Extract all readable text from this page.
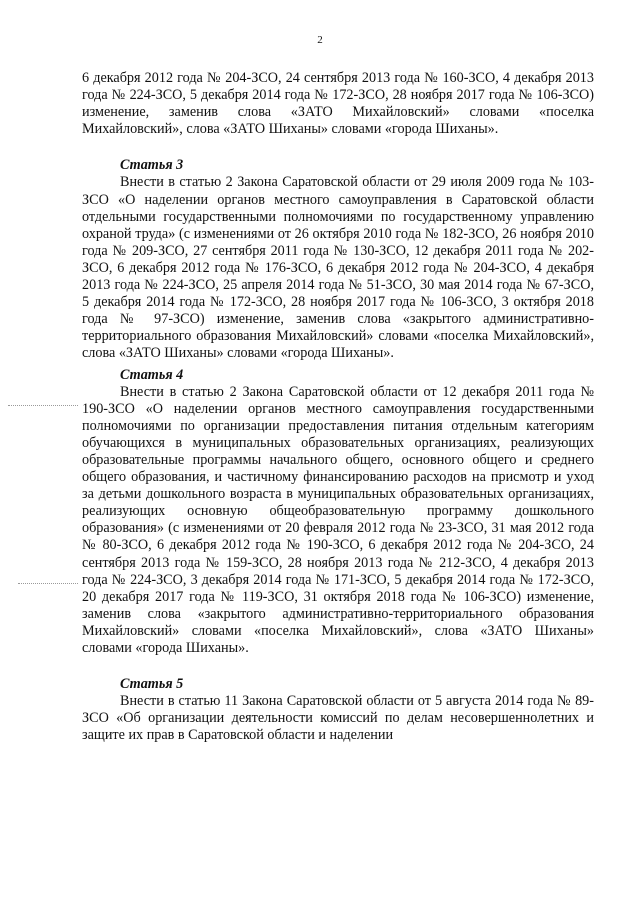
2

6 декабря 2012 года № 204-ЗСО, 24 сентября 2013 года № 160-ЗСО, 4 декабря 2013 года № 224-ЗСО, 5 декабря 2014 года № 172-ЗСО, 28 ноября 2017 года № 106-ЗСО) изменение, заменив слова «ЗАТО Михайловский» словами «поселка Михайловский», слова «ЗАТО Шиханы» словами «города Шиханы».

Статья 3

Внести в статью 2 Закона Саратовской области от 29 июля 2009 года № 103-ЗСО «О наделении органов местного самоуправления в Саратовской области отдельными государственными полномочиями по государственному управлению охраной труда» (с изменениями от 26 октября 2010 года № 182-ЗСО, 26 ноября 2010 года № 209-ЗСО, 27 сентября 2011 года № 130-ЗСО, 12 декабря 2011 года № 202-ЗСО, 6 декабря 2012 года № 176-ЗСО, 6 декабря 2012 года № 204-ЗСО, 4 декабря 2013 года № 224-ЗСО, 25 апреля 2014 года № 51-ЗСО, 30 мая 2014 года № 67-ЗСО, 5 декабря 2014 года № 172-ЗСО, 28 ноября 2017 года № 106-ЗСО, 3 октября 2018 года № 97-ЗСО) изменение, заменив слова «закрытого административно-территориального образования Михайловский» словами «поселка Михайловский», слова «ЗАТО Шиханы» словами «города Шиханы».

Статья 4

Внести в статью 2 Закона Саратовской области от 12 декабря 2011 года № 190-ЗСО «О наделении органов местного самоуправления государственными полномочиями по организации предоставления питания отдельным категориям обучающихся в муниципальных образовательных организациях, реализующих образовательные программы начального общего, основного общего и среднего общего образования, и частичному финансированию расходов на присмотр и уход за детьми дошкольного возраста в муниципальных образовательных организациях, реализующих основную общеобразовательную программу дошкольного образования» (с изменениями от 20 февраля 2012 года № 23-ЗСО, 31 мая 2012 года № 80-ЗСО, 6 декабря 2012 года № 190-ЗСО, 6 декабря 2012 года № 204-ЗСО, 24 сентября 2013 года № 159-ЗСО, 28 ноября 2013 года № 212-ЗСО, 4 декабря 2013 года № 224-ЗСО, 3 декабря 2014 года № 171-ЗСО, 5 декабря 2014 года № 172-ЗСО, 20 декабря 2017 года № 119-ЗСО, 31 октября 2018 года № 106-ЗСО) изменение, заменив слова «закрытого административно-территориального образования Михайловский» словами «поселка Михайловский», слова «ЗАТО Шиханы» словами «города Шиханы».

Статья 5

Внести в статью 11 Закона Саратовской области от 5 августа 2014 года № 89-ЗСО «Об организации деятельности комиссий по делам несовершеннолетних и защите их прав в Саратовской области и наделении
